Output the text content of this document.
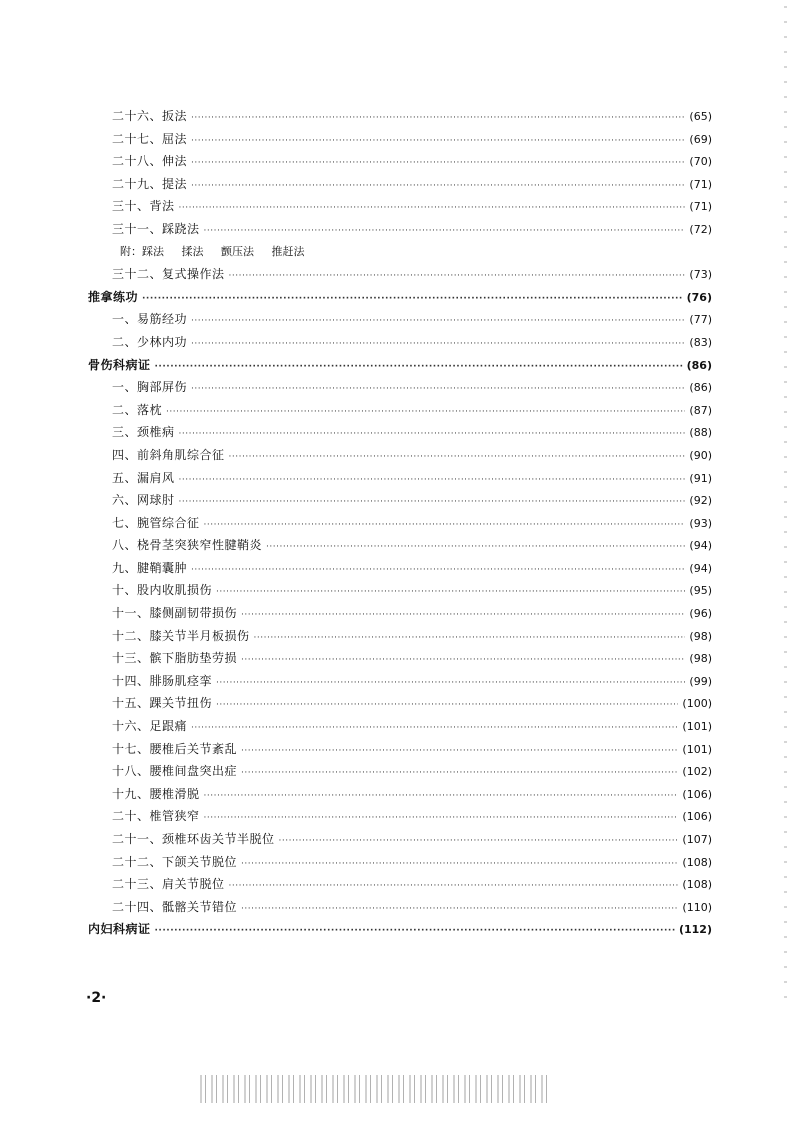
二十六、扳法 ·····	(65)
二十七、屈法 ·····	(69)
二十八、伸法 ·····	(70)
二十九、提法 ·····	(71)
三十、背法 ·····	(71)
三十一、踩跷法 ·····	(72)
附：踩法 揉法 颤压法 推赶法
三十二、复式操作法 ·····	(73)
推拿练功 ·····	(76)
一、易筋经功 ·····	(77)
二、少林内功 ·····	(83)
骨伤科病证 ·····	(86)
一、胸部屏伤 ·····	(86)
二、落枕 ·····	(87)
三、颈椎病 ·····	(88)
四、前斜角肌综合征 ·····	(90)
五、漏肩风 ·····	(91)
六、网球肘 ·····	(92)
七、腕管综合征 ·····	(93)
八、桡骨茎突狭窄性腱鞘炎 ·····	(94)
九、腱鞘囊肿 ·····	(94)
十、股内收肌损伤 ·····	(95)
十一、膝侧副韧带损伤 ·····	(96)
十二、膝关节半月板损伤 ·····	(98)
十三、髌下脂肪垫劳损 ·····	(98)
十四、腓肠肌痉挛 ·····	(99)
十五、踝关节扭伤 ·····	(100)
十六、足跟痛 ·····	(101)
十七、腰椎后关节紊乱 ·····	(101)
十八、腰椎间盘突出症 ·····	(102)
十九、腰椎滑脱 ·····	(106)
二十、椎管狭窄 ·····	(106)
二十一、颈椎环齿关节半脱位 ·····	(107)
二十二、下颌关节脱位 ·····	(108)
二十三、肩关节脱位 ·····	(108)
二十四、骶髂关节错位 ·····	(110)
内妇科病证 ·····	(112)
·2·
